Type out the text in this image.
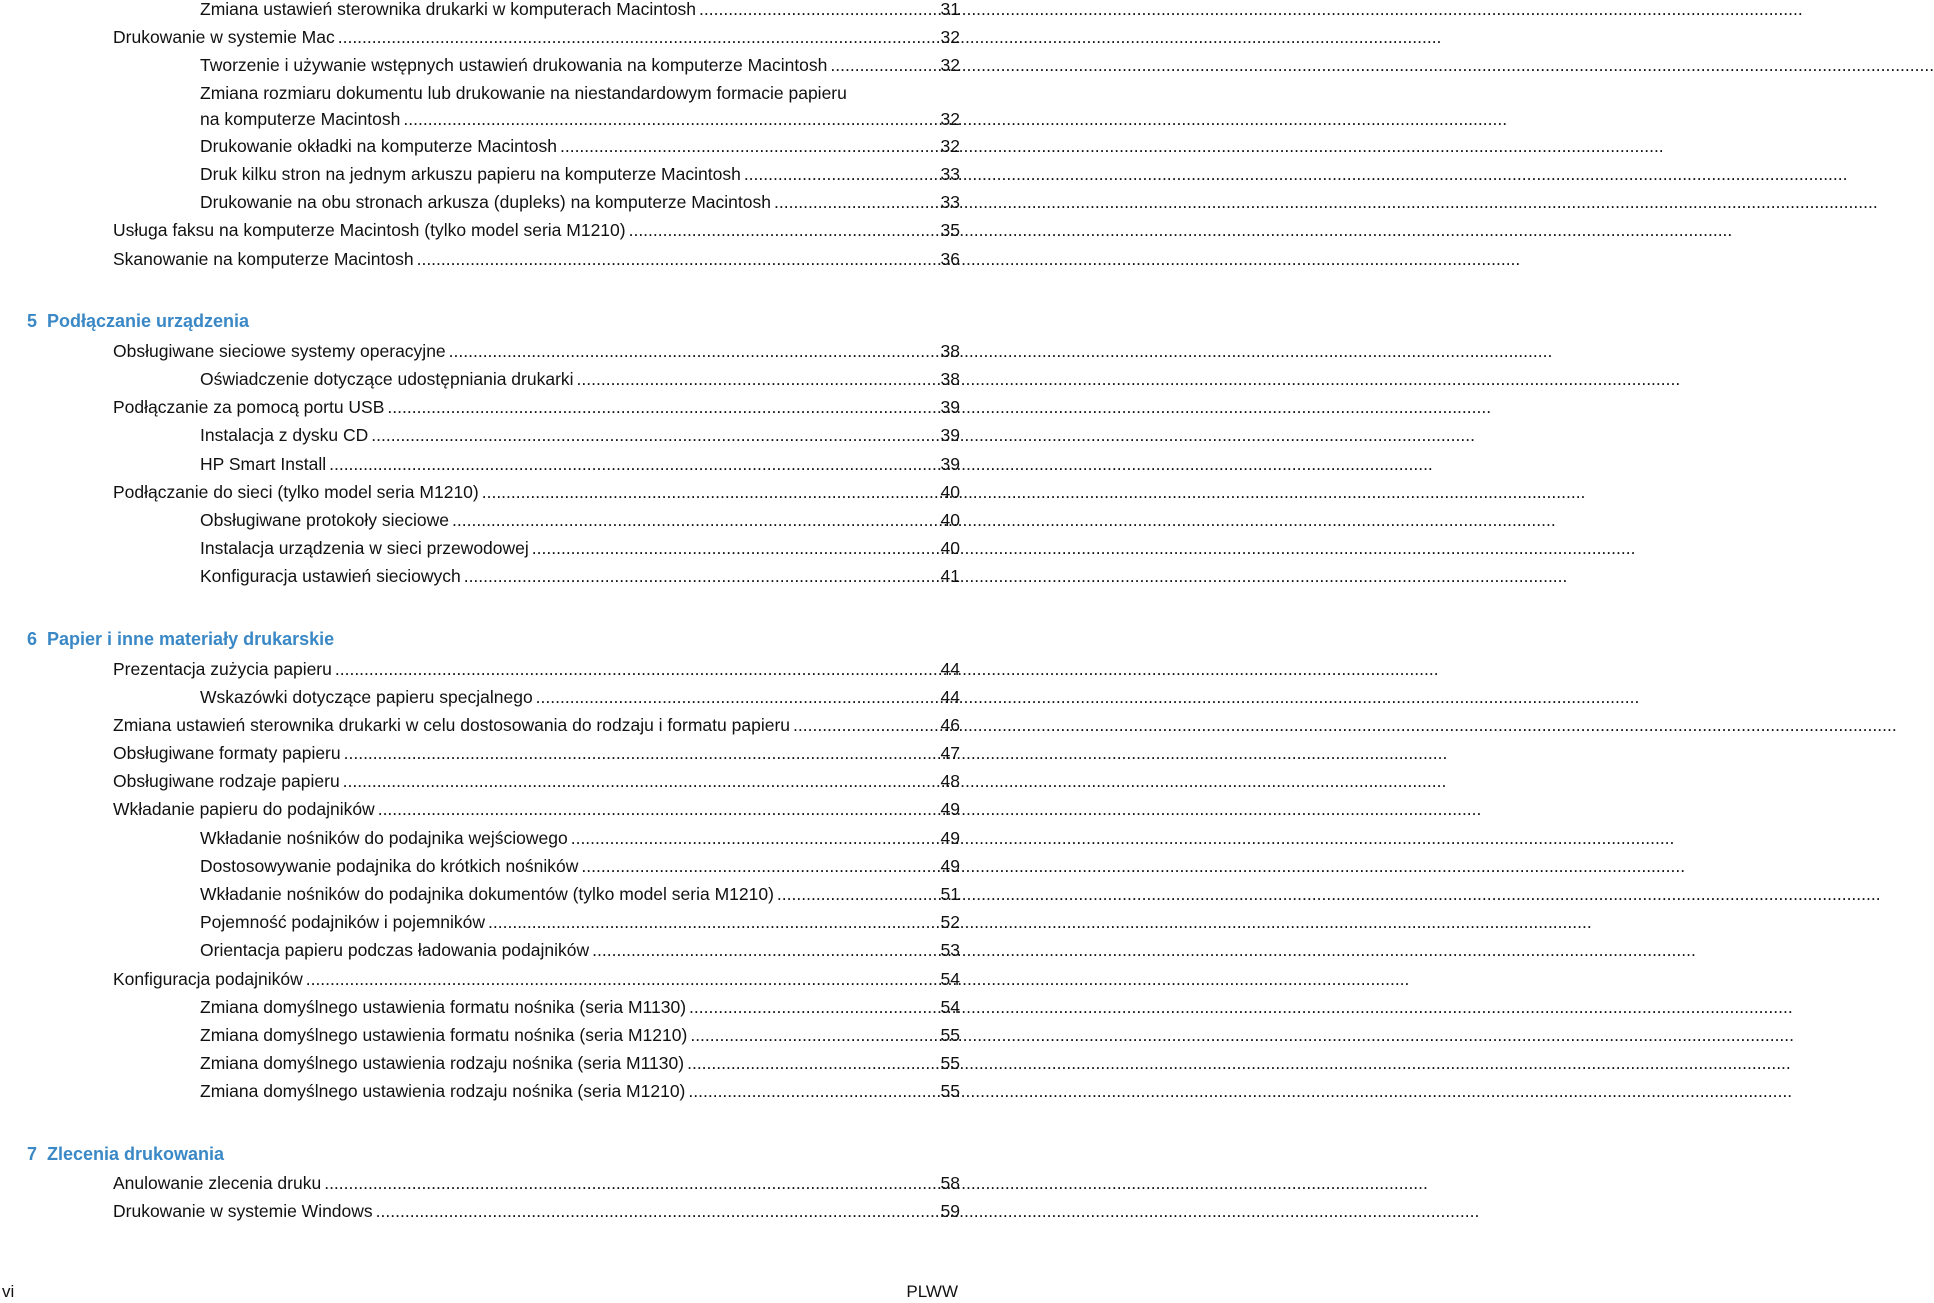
Zmiana ustawień sterownika drukarki w komputerach Macintosh .....	31
Drukowanie w systemie Mac .....	32
Tworzenie i używanie wstępnych ustawień drukowania na komputerze Macintosh .....	32
Zmiana rozmiaru dokumentu lub drukowanie na niestandardowym formacie papieru
na komputerze Macintosh .....	32
Drukowanie okładki na komputerze Macintosh .....	32
Druk kilku stron na jednym arkuszu papieru na komputerze Macintosh .....	33
Drukowanie na obu stronach arkusza (dupleks) na komputerze Macintosh .....	33
Usługa faksu na komputerze Macintosh (tylko model seria M1210) .....	35
Skanowanie na komputerze Macintosh .....	36
5 Podłączanie urządzenia
Obsługiwane sieciowe systemy operacyjne .....	38
Oświadczenie dotyczące udostępniania drukarki .....	38
Podłączanie za pomocą portu USB .....	39
Instalacja z dysku CD .....	39
HP Smart Install .....	39
Podłączanie do sieci (tylko model seria M1210) .....	40
Obsługiwane protokoły sieciowe .....	40
Instalacja urządzenia w sieci przewodowej .....	40
Konfiguracja ustawień sieciowych .....	41
6 Papier i inne materiały drukarskie
Prezentacja zużycia papieru .....	44
Wskazówki dotyczące papieru specjalnego .....	44
Zmiana ustawień sterownika drukarki w celu dostosowania do rodzaju i formatu papieru .....	46
Obsługiwane formaty papieru .....	47
Obsługiwane rodzaje papieru .....	48
Wkładanie papieru do podajników .....	49
Wkładanie nośników do podajnika wejściowego .....	49
Dostosowywanie podajnika do krótkich nośników .....	49
Wkładanie nośników do podajnika dokumentów (tylko model seria M1210) .....	51
Pojemność podajników i pojemników .....	52
Orientacja papieru podczas ładowania podajników .....	53
Konfiguracja podajników .....	54
Zmiana domyślnego ustawienia formatu nośnika (seria M1130) .....	54
Zmiana domyślnego ustawienia formatu nośnika (seria M1210) .....	55
Zmiana domyślnego ustawienia rodzaju nośnika (seria M1130) .....	55
Zmiana domyślnego ustawienia rodzaju nośnika (seria M1210) .....	55
7 Zlecenia drukowania
Anulowanie zlecenia druku .....	58
Drukowanie w systemie Windows .....	59
vi	PLWW
